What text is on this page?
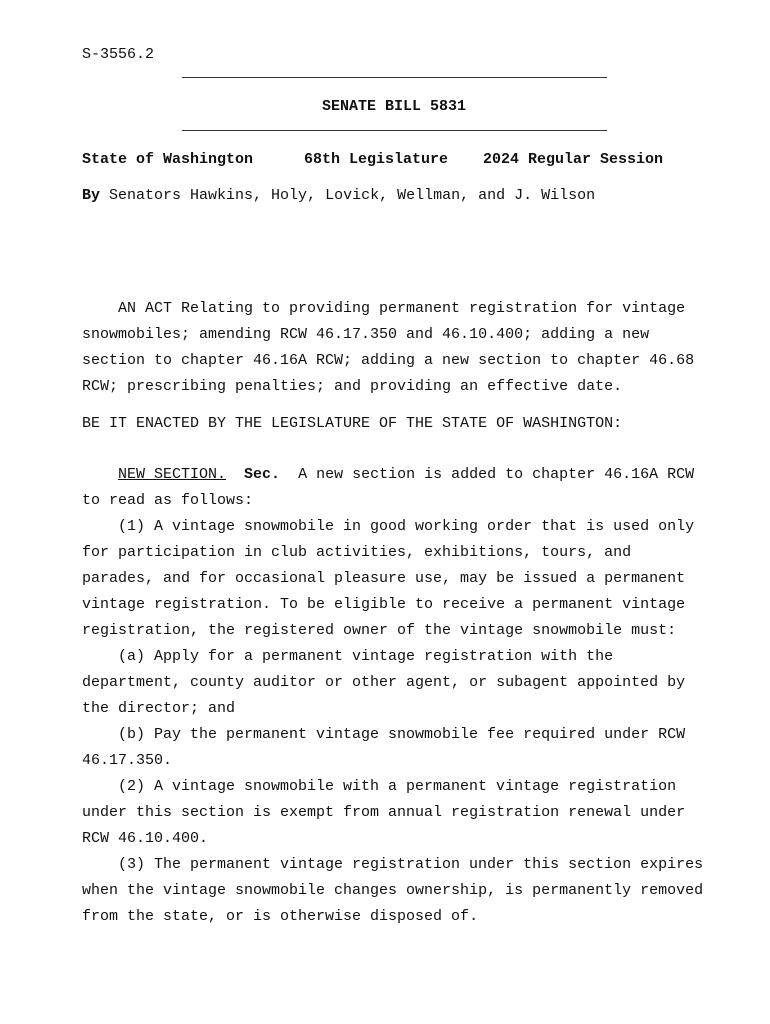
S-3556.2
SENATE BILL 5831
State of Washington	68th Legislature 2024 Regular Session
By Senators Hawkins, Holy, Lovick, Wellman, and J. Wilson
AN ACT Relating to providing permanent registration for vintage
snowmobiles; amending RCW 46.17.350 and 46.10.400; adding a new
section to chapter 46.16A RCW; adding a new section to chapter 46.68
RCW; prescribing penalties; and providing an effective date.
BE IT ENACTED BY THE LEGISLATURE OF THE STATE OF WASHINGTON:
NEW SECTION. Sec.  A new section is added to chapter 46.16A RCW
to read as follows:
(1) A vintage snowmobile in good working order that is used only
for participation in club activities, exhibitions, tours, and
parades, and for occasional pleasure use, may be issued a permanent
vintage registration. To be eligible to receive a permanent vintage
registration, the registered owner of the vintage snowmobile must:
(a) Apply for a permanent vintage registration with the
department, county auditor or other agent, or subagent appointed by
the director; and
(b) Pay the permanent vintage snowmobile fee required under RCW
46.17.350.
(2) A vintage snowmobile with a permanent vintage registration
under this section is exempt from annual registration renewal under
RCW 46.10.400.
(3) The permanent vintage registration under this section expires
when the vintage snowmobile changes ownership, is permanently removed
from the state, or is otherwise disposed of.
